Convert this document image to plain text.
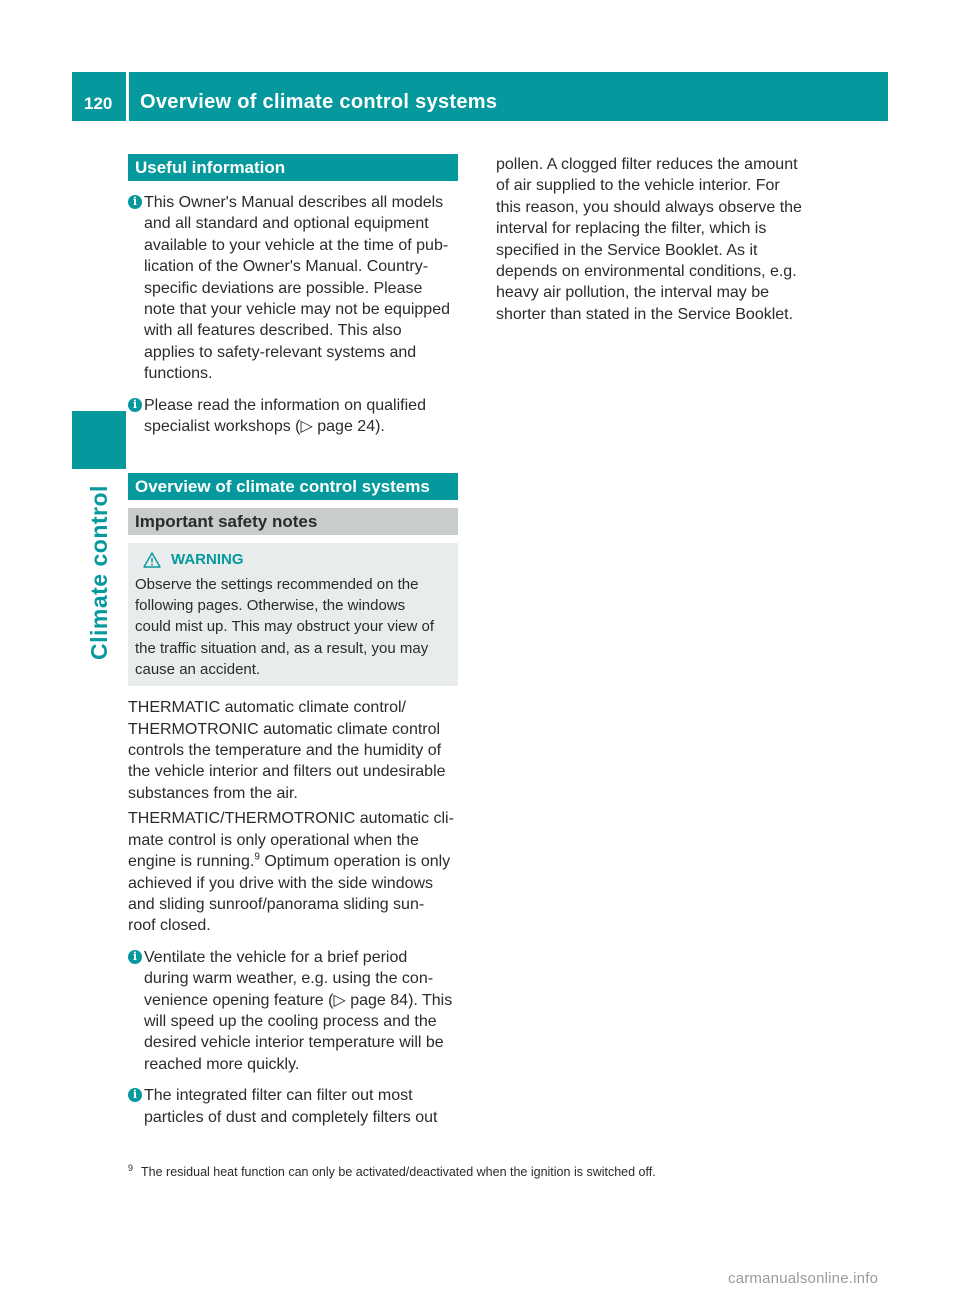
120 Overview of climate control systems
Climate control
Useful information
i This Owner's Manual describes all models
and all standard and optional equipment
available to your vehicle at the time of pub-
lication of the Owner's Manual. Country-
specific deviations are possible. Please
note that your vehicle may not be equipped
with all features described. This also
applies to safety-relevant systems and
functions.
i Please read the information on qualified
specialist workshops (▷ page 24).
Overview of climate control systems
Important safety notes
WARNING
Observe the settings recommended on the
following pages. Otherwise, the windows
could mist up. This may obstruct your view of
the traffic situation and, as a result, you may
cause an accident.
THERMATIC automatic climate control/
THERMOTRONIC automatic climate control
controls the temperature and the humidity of
the vehicle interior and filters out undesirable
substances from the air.
THERMATIC/THERMOTRONIC automatic cli-
mate control is only operational when the
engine is running.$^9$ Optimum operation is only
achieved if you drive with the side windows
and sliding sunroof/panorama sliding sun-
roof closed.
i Ventilate the vehicle for a brief period
during warm weather, e.g. using the con-
venience opening feature (▷ page 84). This
will speed up the cooling process and the
desired vehicle interior temperature will be
reached more quickly.
i The integrated filter can filter out most
particles of dust and completely filters out
pollen. A clogged filter reduces the amount
of air supplied to the vehicle interior. For
this reason, you should always observe the
interval for replacing the filter, which is
specified in the Service Booklet. As it
depends on environmental conditions, e.g.
heavy air pollution, the interval may be
shorter than stated in the Service Booklet.
$^9$ The residual heat function can only be activated/deactivated when the ignition is switched off.
carmanualsonline.info
